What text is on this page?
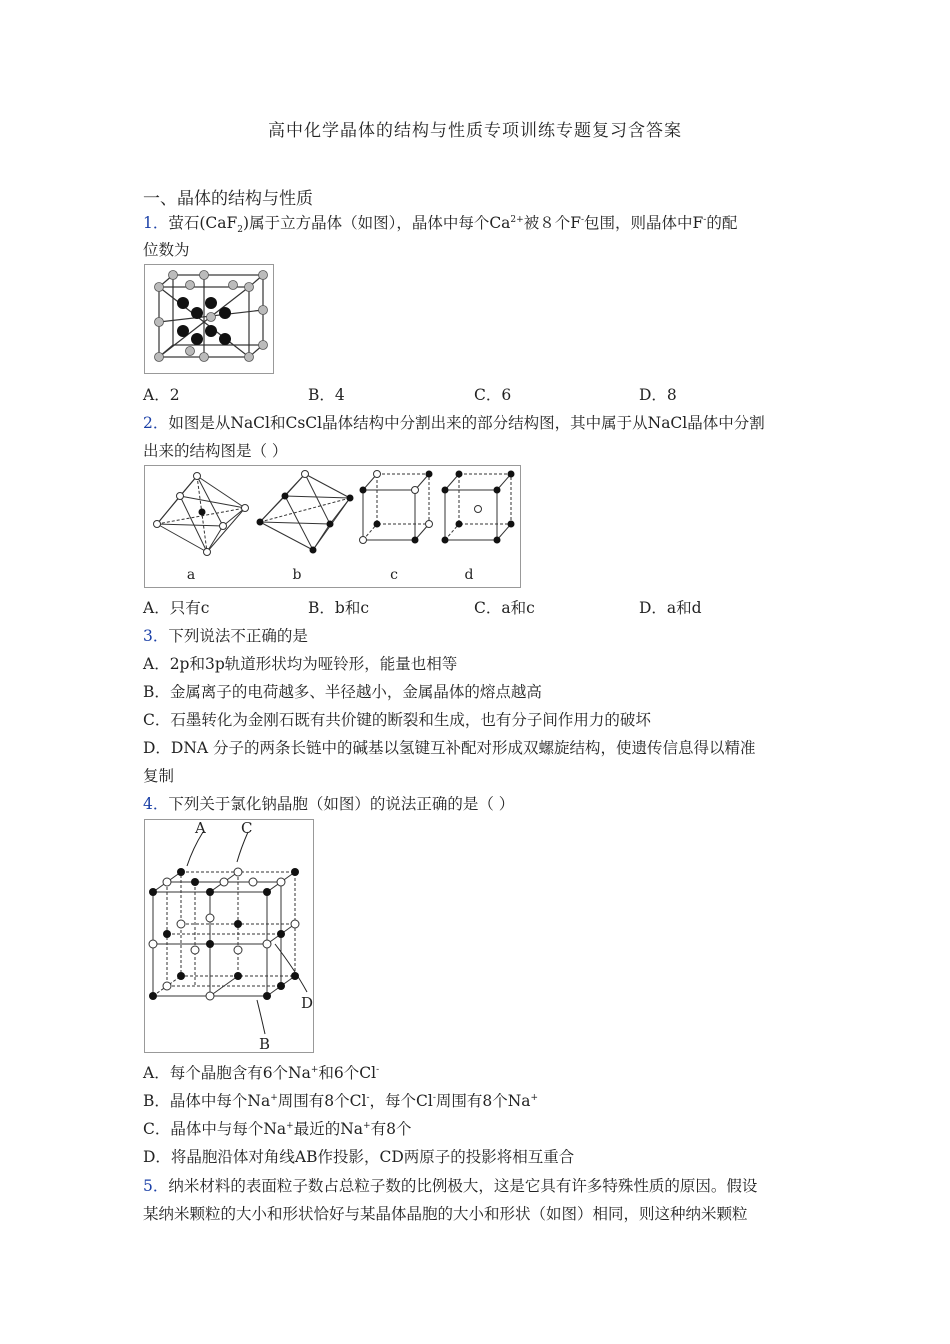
高中化学晶体的结构与性质专项训练专题复习含答案
一、晶体的结构与性质
1．萤石(CaF$_2$)属于立方晶体（如图），晶体中每个$Ca^{2+}$被８个F-包围，则晶体中F-的配
位数为
A．2	B．4	C．6	D．8
2．如图是从NaCl和CsCl晶体结构中分割出来的部分结构图，其中属于从NaCl晶体中分割
出来的结构图是（ ）
a	b	c	d
A．只有c	B．b和c	C．a和c	D．a和d
3．下列说法不正确的是
A．2p和3p轨道形状均为哑铃形，能量也相等
B．金属离子的电荷越多、半径越小，金属晶体的熔点越高
C．石墨转化为金刚石既有共价键的断裂和生成，也有分子间作用力的破坏
D．DNA 分子的两条长链中的碱基以氢键互补配对形成双螺旋结构，使遗传信息得以精准
复制
4．下列关于氯化钠晶胞（如图）的说法正确的是（ ）
A C
D
B
A．每个晶胞含有6个Na+和6个Cl-
B．晶体中每个Na+周围有8个Cl-，每个Cl-周围有8个Na+
C．晶体中与每个Na+最近的Na+有8个
D．将晶胞沿体对角线AB作投影，CD两原子的投影将相互重合
5．纳米材料的表面粒子数占总粒子数的比例极大，这是它具有许多特殊性质的原因。假设
某纳米颗粒的大小和形状恰好与某晶体晶胞的大小和形状（如图）相同，则这种纳米颗粒
